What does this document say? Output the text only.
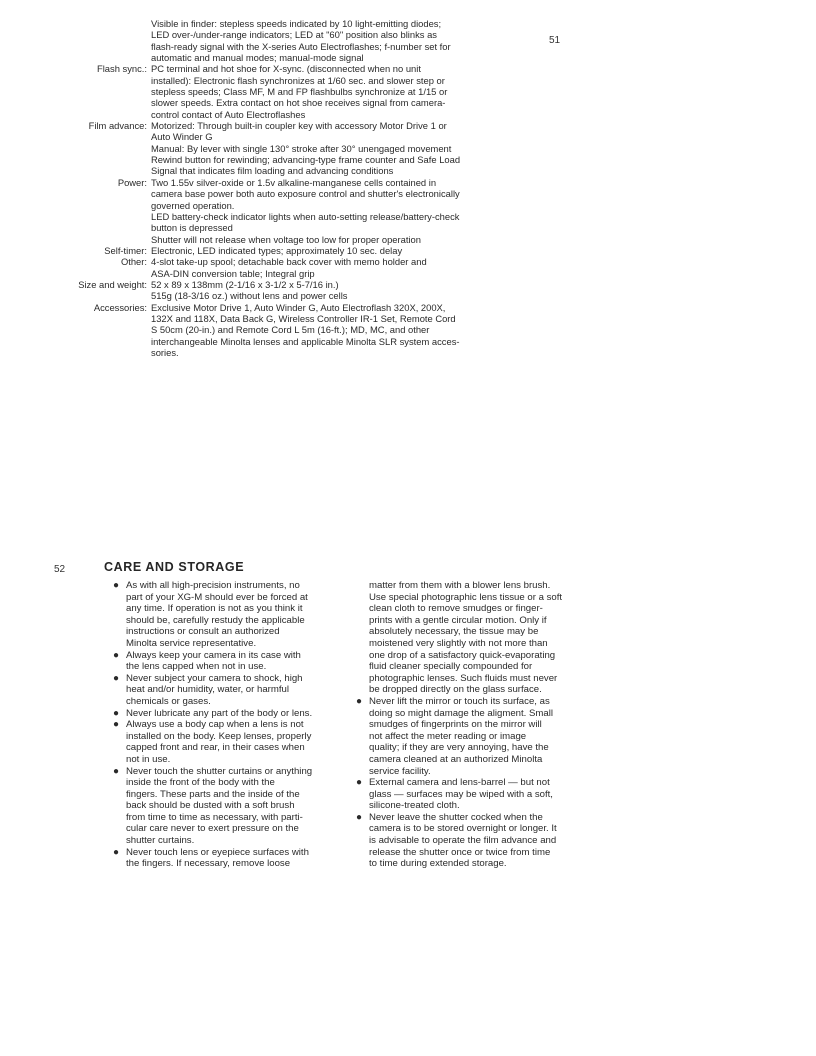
51
Visible in finder: stepless speeds indicated by 10 light-emitting diodes;
LED over-/under-range indicators; LED at "60" position also blinks as
flash-ready signal with the X-series Auto Electroflashes; f-number set for
automatic and manual modes; manual-mode signal
Flash sync.: PC terminal and hot shoe for X-sync. (disconnected when no unit
installed): Electronic flash synchronizes at 1/60 sec. and slower step or
stepless speeds; Class MF, M and FP flashbulbs synchronize at 1/15 or
slower speeds. Extra contact on hot shoe receives signal from camera-
control contact of Auto Electroflashes
Film advance: Motorized: Through built-in coupler key with accessory Motor Drive 1 or
Auto Winder G
Manual: By lever with single 130° stroke after 30° unengaged movement
Rewind button for rewinding; advancing-type frame counter and Safe Load
Signal that indicates film loading and advancing conditions
Power: Two 1.55v silver-oxide or 1.5v alkaline-manganese cells contained in
camera base power both auto exposure control and shutter's electronically
governed operation.
LED battery-check indicator lights when auto-setting release/battery-check
button is depressed
Shutter will not release when voltage too low for proper operation
Self-timer: Electronic, LED indicated types; approximately 10 sec. delay
Other: 4-slot take-up spool; detachable back cover with memo holder and
ASA-DIN conversion table; Integral grip
Size and weight: 52 x 89 x 138mm (2-1/16 x 3-1/2 x 5-7/16 in.)
515g (18-3/16 oz.) without lens and power cells
Accessories: Exclusive Motor Drive 1, Auto Winder G, Auto Electroflash 320X, 200X,
132X and 118X, Data Back G, Wireless Controller IR-1 Set, Remote Cord
S 50cm (20-in.) and Remote Cord L 5m (16-ft.); MD, MC, and other
interchangeable Minolta lenses and applicable Minolta SLR system acces-
sories.
52	CARE AND STORAGE
● As with all high-precision instruments, no
part of your XG-M should ever be forced at
any time. If operation is not as you think it
should be, carefully restudy the applicable
instructions or consult an authorized
Minolta service representative.
● Always keep your camera in its case with
the lens capped when not in use.
● Never subject your camera to shock, high
heat and/or humidity, water, or harmful
chemicals or gases.
● Never lubricate any part of the body or lens.
● Always use a body cap when a lens is not
installed on the body. Keep lenses, properly
capped front and rear, in their cases when
not in use.
● Never touch the shutter curtains or anything
inside the front of the body with the
fingers. These parts and the inside of the
back should be dusted with a soft brush
from time to time as necessary, with parti-
cular care never to exert pressure on the
shutter curtains.
● Never touch lens or eyepiece surfaces with
the fingers. If necessary, remove loose
matter from them with a blower lens brush.
Use special photographic lens tissue or a soft
clean cloth to remove smudges or finger-
prints with a gentle circular motion. Only if
absolutely necessary, the tissue may be
moistened very slightly with not more than
one drop of a satisfactory quick-evaporating
fluid cleaner specially compounded for
photographic lenses. Such fluids must never
be dropped directly on the glass surface.
● Never lift the mirror or touch its surface, as
doing so might damage the aligment. Small
smudges of fingerprints on the mirror will
not affect the meter reading or image
quality; if they are very annoying, have the
camera cleaned at an authorized Minolta
service facility.
● External camera and lens-barrel — but not
glass — surfaces may be wiped with a soft,
silicone-treated cloth.
● Never leave the shutter cocked when the
camera is to be stored overnight or longer. It
is advisable to operate the film advance and
release the shutter once or twice from time
to time during extended storage.
